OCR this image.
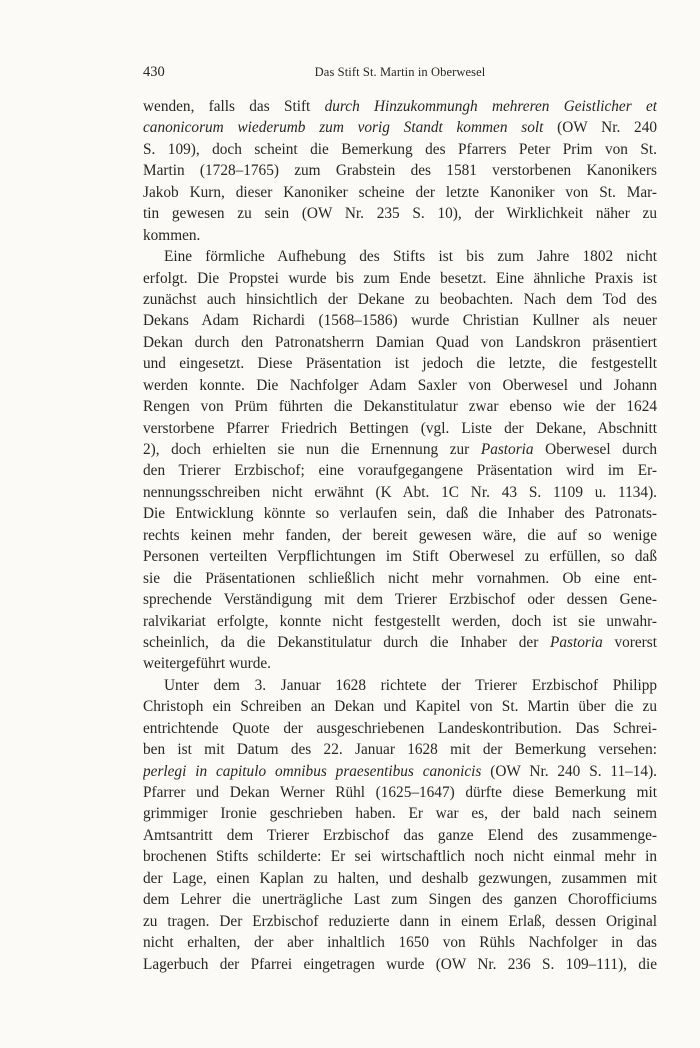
430	Das Stift St. Martin in Oberwesel
wenden, falls das Stift durch Hinzukommungh mehreren Geistlicher et
canonicorum wiederumb zum vorig Standt kommen solt (OW Nr. 240
S. 109), doch scheint die Bemerkung des Pfarrers Peter Prim von St.
Martin (1728–1765) zum Grabstein des 1581 verstorbenen Kanonikers
Jakob Kurn, dieser Kanoniker scheine der letzte Kanoniker von St. Mar-
tin gewesen zu sein (OW Nr. 235 S. 10), der Wirklichkeit näher zu
kommen.
Eine förmliche Aufhebung des Stifts ist bis zum Jahre 1802 nicht
erfolgt. Die Propstei wurde bis zum Ende besetzt. Eine ähnliche Praxis ist
zunächst auch hinsichtlich der Dekane zu beobachten. Nach dem Tod des
Dekans Adam Richardi (1568–1586) wurde Christian Kullner als neuer
Dekan durch den Patronatsherrn Damian Quad von Landskron präsentiert
und eingesetzt. Diese Präsentation ist jedoch die letzte, die festgestellt
werden konnte. Die Nachfolger Adam Saxler von Oberwesel und Johann
Rengen von Prüm führten die Dekanstitulatur zwar ebenso wie der 1624
verstorbene Pfarrer Friedrich Bettingen (vgl. Liste der Dekane, Abschnitt
2), doch erhielten sie nun die Ernennung zur Pastoria Oberwesel durch
den Trierer Erzbischof; eine voraufgegangene Präsentation wird im Er-
nennungsschreiben nicht erwähnt (K Abt. 1C Nr. 43 S. 1109 u. 1134).
Die Entwicklung könnte so verlaufen sein, daß die Inhaber des Patronats-
rechts keinen mehr fanden, der bereit gewesen wäre, die auf so wenige
Personen verteilten Verpflichtungen im Stift Oberwesel zu erfüllen, so daß
sie die Präsentationen schließlich nicht mehr vornahmen. Ob eine ent-
sprechende Verständigung mit dem Trierer Erzbischof oder dessen Gene-
ralvikariat erfolgte, konnte nicht festgestellt werden, doch ist sie unwahr-
scheinlich, da die Dekanstitulatur durch die Inhaber der Pastoria vorerst
weitergeführt wurde.
Unter dem 3. Januar 1628 richtete der Trierer Erzbischof Philipp
Christoph ein Schreiben an Dekan und Kapitel von St. Martin über die zu
entrichtende Quote der ausgeschriebenen Landeskontribution. Das Schrei-
ben ist mit Datum des 22. Januar 1628 mit der Bemerkung versehen:
perlegi in capitulo omnibus praesentibus canonicis (OW Nr. 240 S. 11–14).
Pfarrer und Dekan Werner Rühl (1625–1647) dürfte diese Bemerkung mit
grimmiger Ironie geschrieben haben. Er war es, der bald nach seinem
Amtsantritt dem Trierer Erzbischof das ganze Elend des zusammenge-
brochenen Stifts schilderte: Er sei wirtschaftlich noch nicht einmal mehr in
der Lage, einen Kaplan zu halten, und deshalb gezwungen, zusammen mit
dem Lehrer die unerträgliche Last zum Singen des ganzen Chorofficiums
zu tragen. Der Erzbischof reduzierte dann in einem Erlaß, dessen Original
nicht erhalten, der aber inhaltlich 1650 von Rühls Nachfolger in das
Lagerbuch der Pfarrei eingetragen wurde (OW Nr. 236 S. 109–111), die
